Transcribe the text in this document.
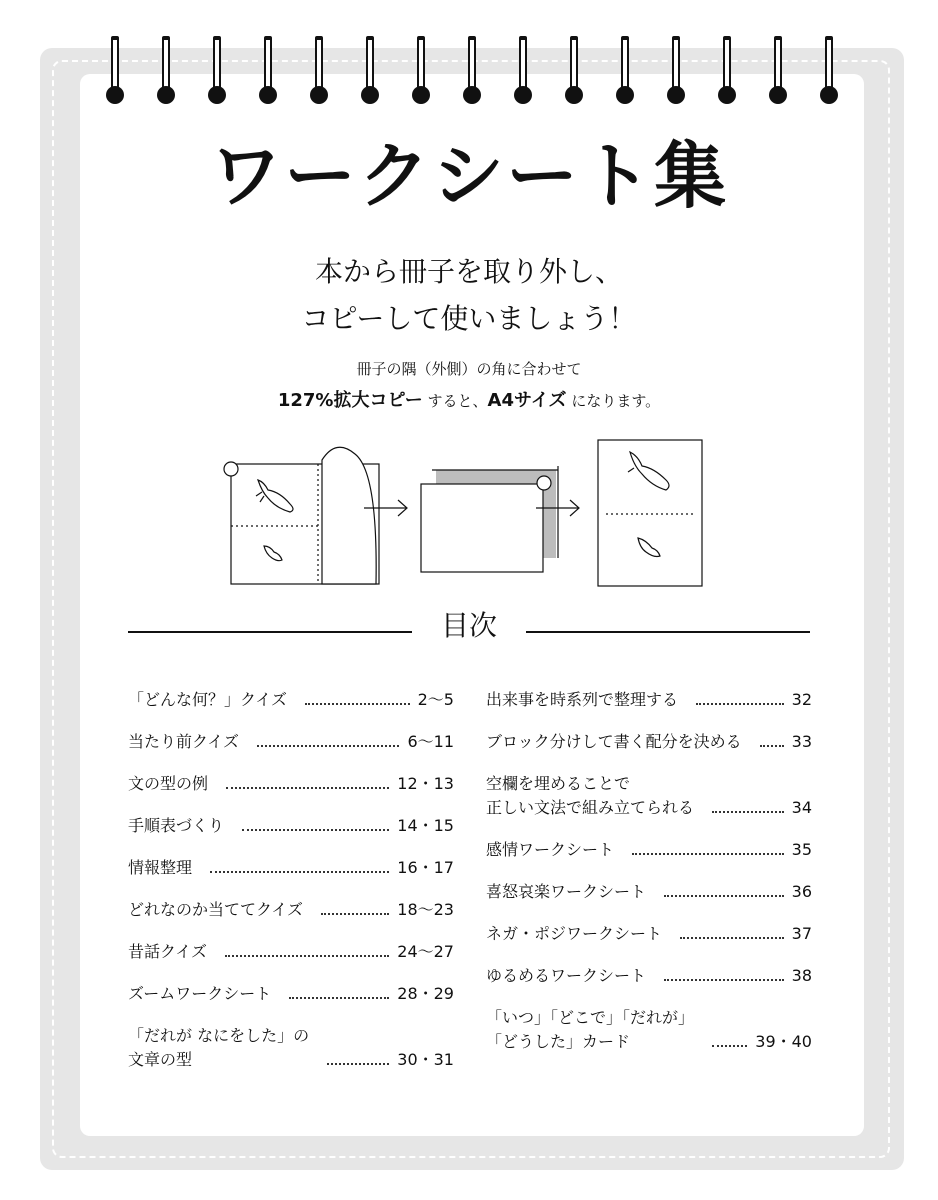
ワークシート集
本から冊子を取り外し、
コピーして使いましょう！
冊子の隅（外側）の角に合わせて
127%拡大コピー すると、A4サイズ になります。
目次
「どんな何？」クイズ	2〜5
当たり前クイズ	6〜11
文の型の例	12・13
手順表づくり	14・15
情報整理	16・17
どれなのか当ててクイズ	18〜23
昔話クイズ	24〜27
ズームワークシート	28・29
「だれが なにをした」の
文章の型	30・31
出来事を時系列で整理する	32
ブロック分けして書く配分を決める	33
空欄を埋めることで
正しい文法で組み立てられる	34
感情ワークシート	35
喜怒哀楽ワークシート	36
ネガ・ポジワークシート	37
ゆるめるワークシート	38
「いつ」「どこで」「だれが」
「どうした」カード	39・40
